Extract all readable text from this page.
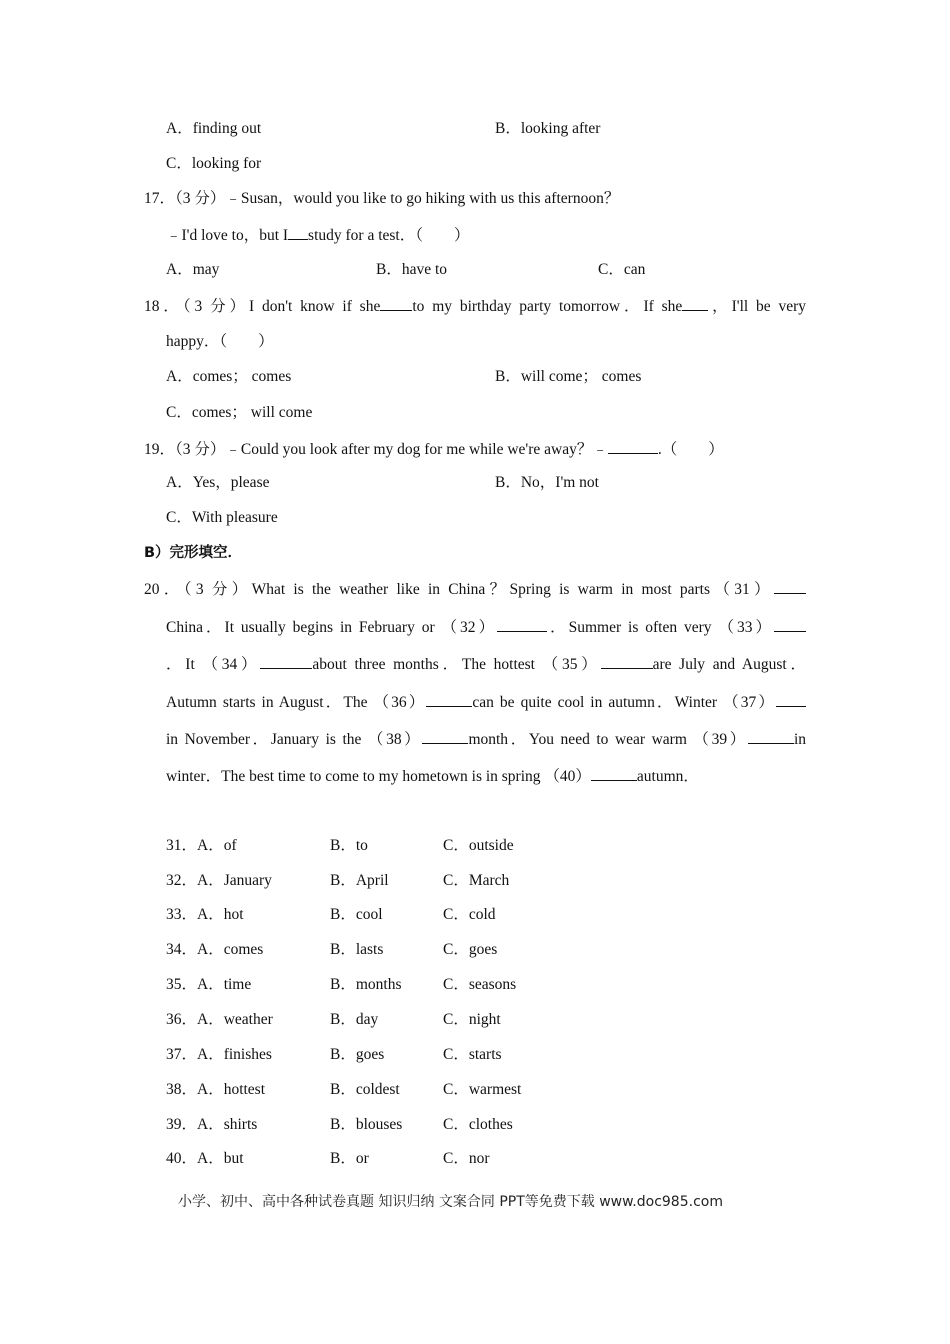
A．finding out	B．looking after
C．looking for
17．（3 分）﹣Susan，would you like to go hiking with us this afternoon？
﹣I'd love to，but I study for a test．（　　）
A．may	B．have to	C．can
18．（3 分）I don't know if she to my birthday party tomorrow．If she ，I'll be very
happy．（　　）
A．comes； comes	B．will come； comes
C．comes； will come
19．（3 分）﹣Could you look after my dog for me while we're away？﹣	.（　　）
A．Yes，please	B．No，I'm not
C．With pleasure
B）完形填空．
20．（3 分）What is the weather like in China？Spring is warm in most parts（31）
China．It usually begins in February or （32）	．Summer is often very （33）
．It （34）	about three months．The hottest （35）	are July and August．
Autumn starts in August．The （36）	can be quite cool in autumn．Winter （37）
in November．January is the （38）	month．You need to wear warm （39）	in
winter．The best time to come to my hometown is in spring （40）	autumn．
31．A．of	B．to	C．outside
32．A．January	B．April	C．March
33．A．hot	B．cool	C．cold
34．A．comes	B．lasts	C．goes
35．A．time	B．months	C．seasons
36．A．weather	B．day	C．night
37．A．finishes	B．goes	C．starts
38．A．hottest	B．coldest	C．warmest
39．A．shirts	B．blouses	C．clothes
40．A．but	B．or	C．nor
小学、初中、高中各种试卷真题 知识归纳 文案合同 PPT等免费下载 www.doc985.com
